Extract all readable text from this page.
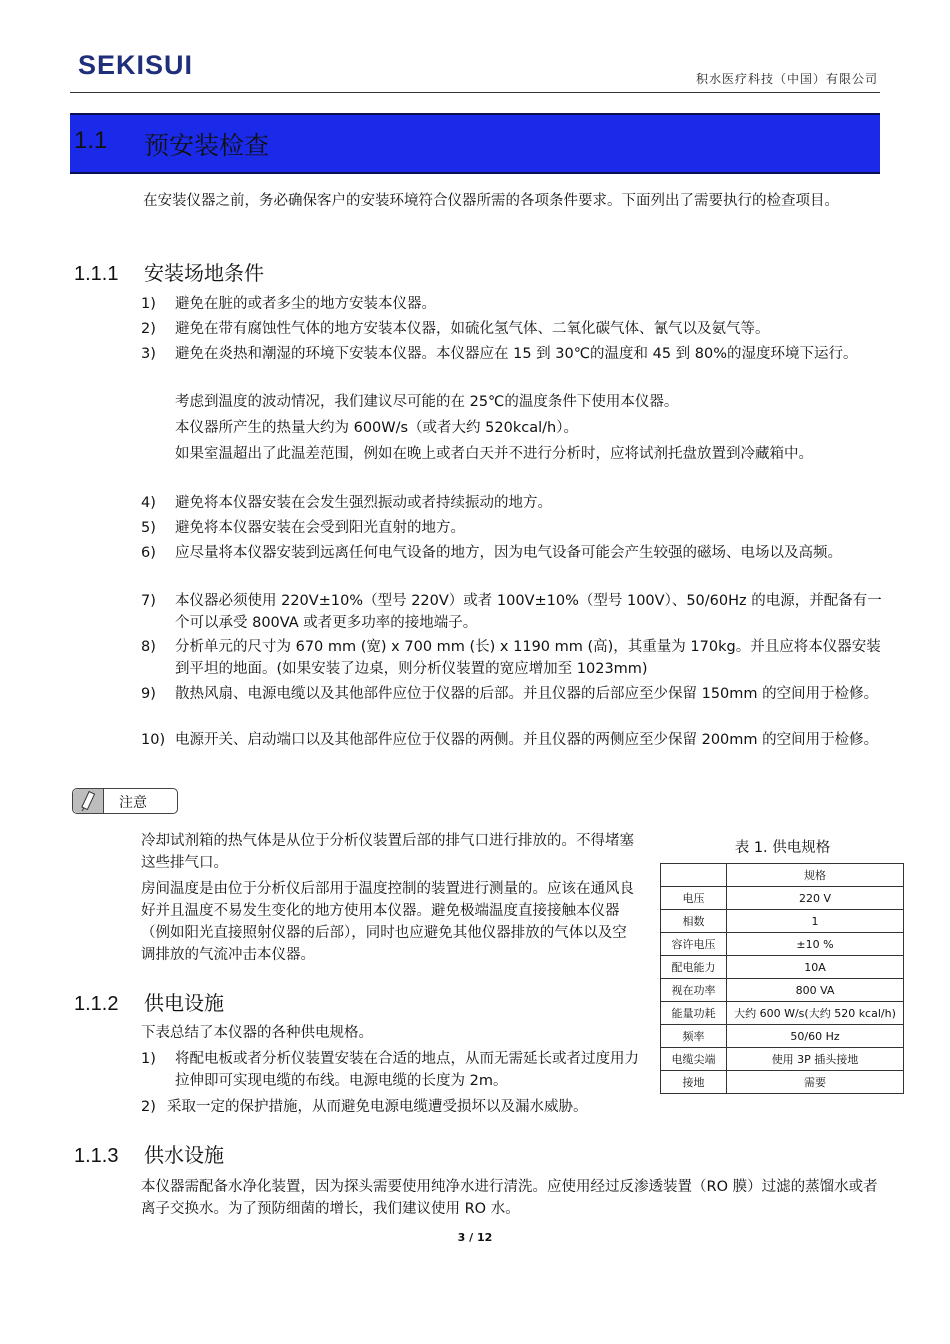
SEKISUI	积水医疗科技（中国）有限公司
1.1 预安装检查
在安装仪器之前，务必确保客户的安装环境符合仪器所需的各项条件要求。下面列出了需要执行的检查项目。
1.1.1 安装场地条件
1) 避免在脏的或者多尘的地方安装本仪器。
2) 避免在带有腐蚀性气体的地方安装本仪器，如硫化氢气体、二氧化碳气体、氰气以及氨气等。
3) 避免在炎热和潮湿的环境下安装本仪器。本仪器应在 15 到 30℃的温度和 45 到 80%的湿度环境下运行。
考虑到温度的波动情况，我们建议尽可能的在 25℃的温度条件下使用本仪器。
本仪器所产生的热量大约为 600W/s（或者大约 520kcal/h）。
如果室温超出了此温差范围，例如在晚上或者白天并不进行分析时，应将试剂托盘放置到冷藏箱中。
4) 避免将本仪器安装在会发生强烈振动或者持续振动的地方。
5) 避免将本仪器安装在会受到阳光直射的地方。
6) 应尽量将本仪器安装到远离任何电气设备的地方，因为电气设备可能会产生较强的磁场、电场以及高频。
7) 本仪器必须使用 220V±10%（型号 220V）或者 100V±10%（型号 100V）、50/60Hz 的电源，并配备有一个可以承受 800VA 或者更多功率的接地端子。
8) 分析单元的尺寸为 670 mm (宽) x 700 mm (长) x 1190 mm (高)，其重量为 170kg。并且应将本仪器安装到平坦的地面。(如果安装了边桌，则分析仪装置的宽应增加至 1023mm)
9) 散热风扇、电源电缆以及其他部件应位于仪器的后部。并且仪器的后部应至少保留 150mm 的空间用于检修。
10) 电源开关、启动端口以及其他部件应位于仪器的两侧。并且仪器的两侧应至少保留 200mm 的空间用于检修。
注意
冷却试剂箱的热气体是从位于分析仪装置后部的排气口进行排放的。不得堵塞这些排气口。
房间温度是由位于分析仪后部用于温度控制的装置进行测量的。应该在通风良好并且温度不易发生变化的地方使用本仪器。避免极端温度直接接触本仪器（例如阳光直接照射仪器的后部），同时也应避免其他仪器排放的气体以及空调排放的气流冲击本仪器。
表 1. 供电规格
	规格
电压	220 V
相数	1
容许电压	±10 %
配电能力	10A
视在功率	800 VA
能量功耗	大约 600 W/s(大约 520 kcal/h)
频率	50/60 Hz
电缆尖端	使用 3P 插头接地
接地	需要
1.1.2 供电设施
下表总结了本仪器的各种供电规格。
1) 将配电板或者分析仪装置安装在合适的地点，从而无需延长或者过度用力拉伸即可实现电缆的布线。电源电缆的长度为 2m。
2) 采取一定的保护措施，从而避免电源电缆遭受损坏以及漏水威胁。
1.1.3 供水设施
本仪器需配备水净化装置，因为探头需要使用纯净水进行清洗。应使用经过反渗透装置（RO 膜）过滤的蒸馏水或者离子交换水。为了预防细菌的增长，我们建议使用 RO 水。
3 / 12
